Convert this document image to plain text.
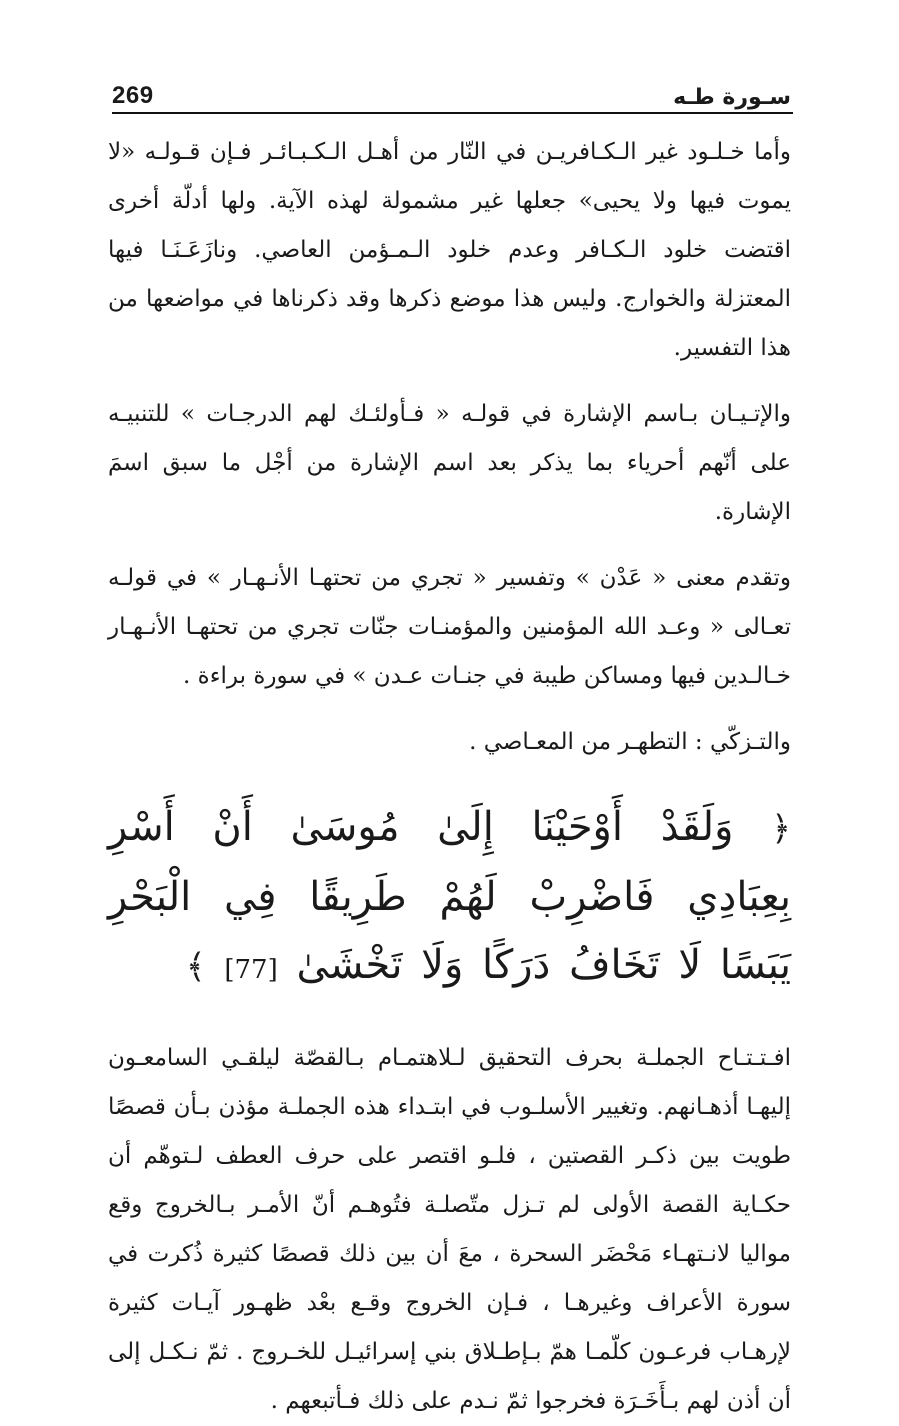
269	سـورة طـه

وأما خـلـود غير الـكـافريـن في النّار من أهـل الـكـبـائـر فـإن قـولـه «لا يموت فيها ولا يحيى» جعلها غير مشمولة لهذه الآية. ولها أدلّة أخرى اقتضت خلود الـكـافر وعدم خلود الـمـؤمن العاصي. ونازَعَـنَـا فيها المعتزلة والخوارج. وليس هذا موضع ذكرها وقد ذكرناها في مواضعها من هذا التفسير.

والإتـيـان بـاسم الإشارة في قولـه « فـأولئـك لهم الدرجـات » للتنبيـه على أنّهم أحرياء بما يذكر بعد اسم الإشارة من أجْل ما سبق اسمَ الإشارة.

وتقدم معنى « عَدْن » وتفسير « تجري من تحتهـا الأنـهـار » في قولـه تعـالى « وعـد الله المؤمنين والمؤمنـات جنّات تجري من تحتهـا الأنـهـار خـالـدين فيها ومساكن طيبة في جنـات عـدن » في سورة براءة .

والتـزكّي : التطهـر من المعـاصي .

﴿ وَلَقَدْ أَوْحَيْنَا إِلَىٰ مُوسَىٰ أَنْ أَسْرِ بِعِبَادِي فَاضْرِبْ لَهُمْ طَرِيقًا فِي الْبَحْرِ يَبَسًا لَا تَخَافُ دَرَكًا وَلَا تَخْشَىٰ [77] ﴾

افـتـتـاح الجملـة بحرف التحقيق لـلاهتمـام بـالقصّة ليلقـي السامعـون إليهـا أذهـانهم. وتغيير الأسلـوب في ابتـداء هذه الجملـة مؤذن بـأن قصصًا طويت بين ذكـر القصتين ، فلـو اقتصر على حرف العطف لـتوهّم أن حكـاية القصة الأولى لم تـزل متّصلـة فتُوهـم أنّ الأمـر بـالخروج وقع مواليا لانـتهـاء مَحْضَر السحرة ، معَ أن بين ذلك قصصًا كثيرة ذُكرت في سورة الأعراف وغيرهـا ، فـإن الخروج وقـع بعْد ظهـور آيـات كثيرة لإرهـاب فرعـون كلّمـا همّ بـإطـلاق بني إسرائيـل للخـروج . ثمّ نـكـل إلى أن أذن لهم بـأَخَـرَة فخرجوا ثمّ نـدم على ذلك فـأتبعهم .
